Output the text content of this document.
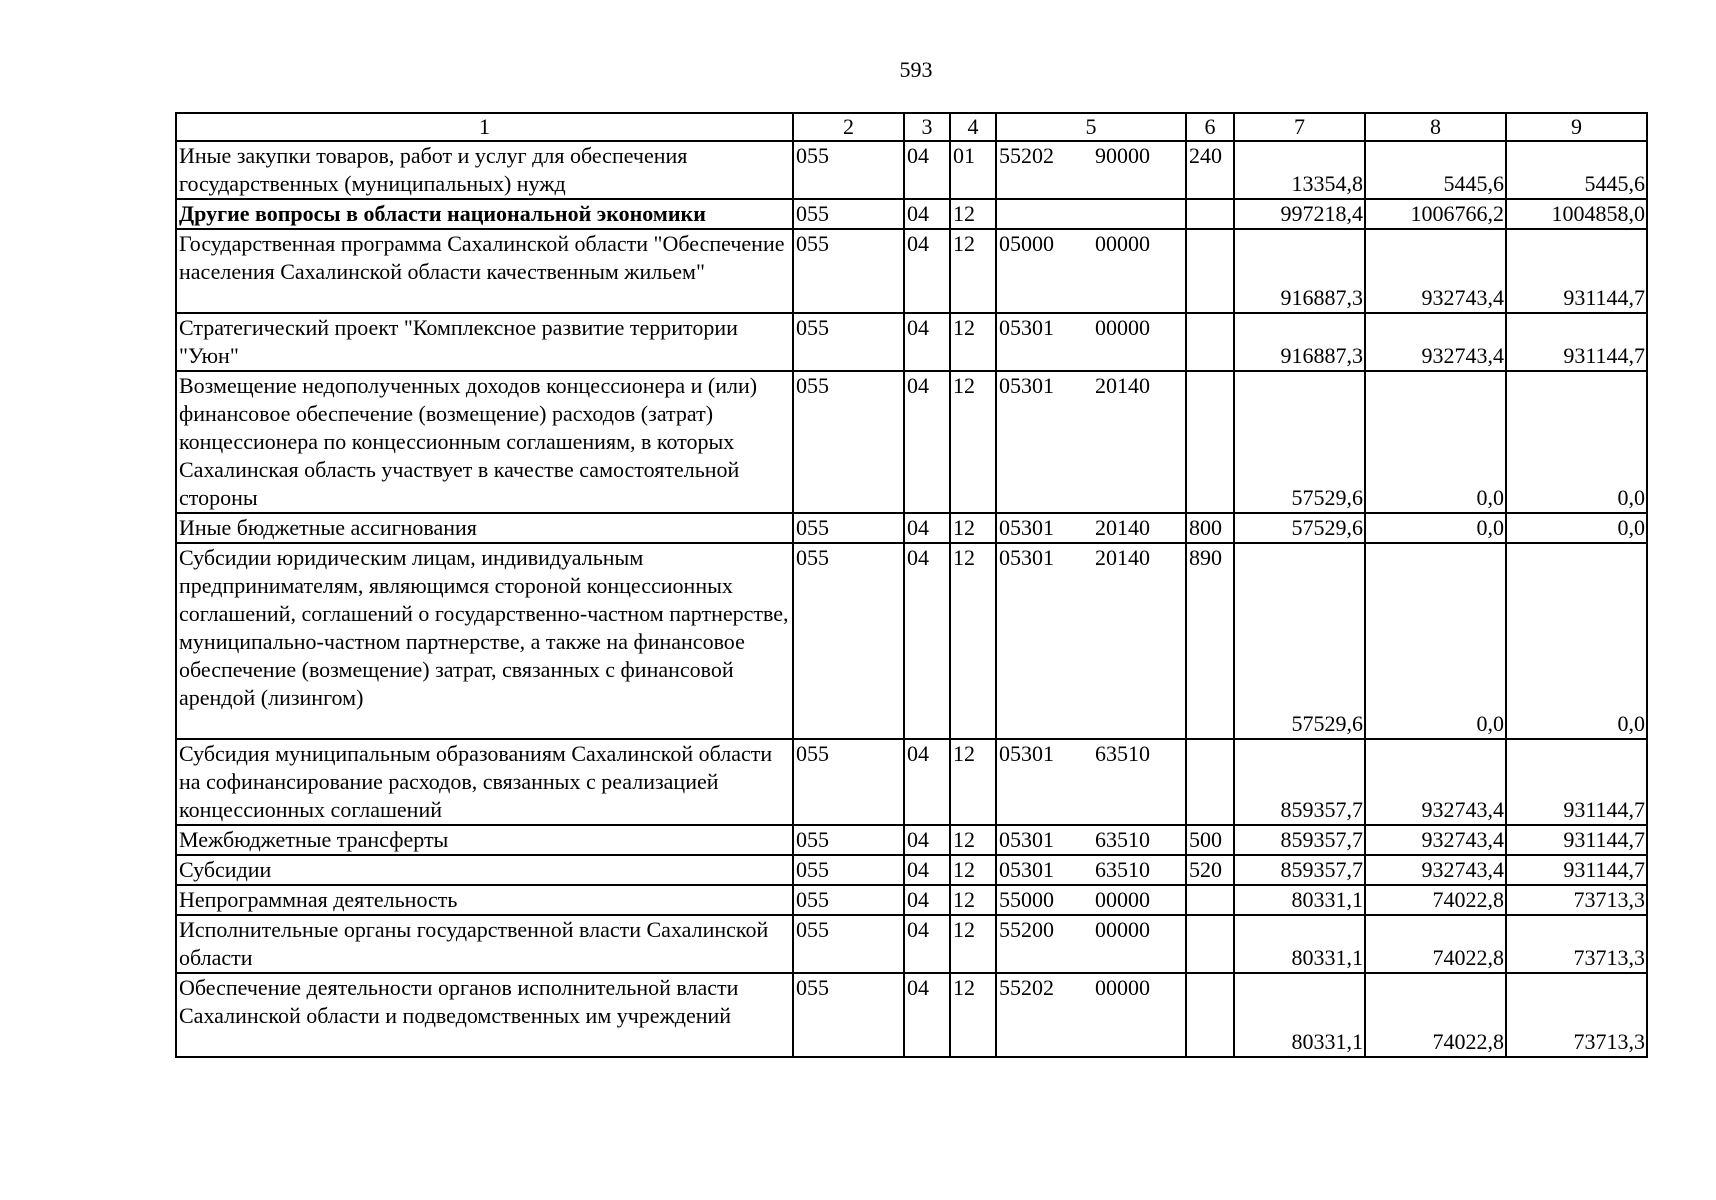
593
1	2	3	4	5	6	7	8	9
Иные закупки товаров, работ и услуг для обеспечения государственных (муниципальных) нужд	055	04	01	55202 90000	240	13354,8	5445,6	5445,6
Другие вопросы в области национальной экономики	055	04	12			997218,4	1006766,2	1004858,0
Государственная программа Сахалинской области "Обеспечение населения Сахалинской области качественным жильем"	055	04	12	05000 00000		916887,3	932743,4	931144,7
Стратегический проект "Комплексное развитие территории "Уюн"	055	04	12	05301 00000		916887,3	932743,4	931144,7
Возмещение недополученных доходов концессионера и (или) финансовое обеспечение (возмещение) расходов (затрат) концессионера по концессионным соглашениям, в которых Сахалинская область участвует в качестве самостоятельной стороны	055	04	12	05301 20140		57529,6	0,0	0,0
Иные бюджетные ассигнования	055	04	12	05301 20140	800	57529,6	0,0	0,0
Субсидии юридическим лицам, индивидуальным предпринимателям, являющимся стороной концессионных соглашений, соглашений о государственно-частном партнерстве, муниципально-частном партнерстве, а также на финансовое обеспечение (возмещение) затрат, связанных с финансовой арендой (лизингом)	055	04	12	05301 20140	890	57529,6	0,0	0,0
Субсидия муниципальным образованиям Сахалинской области на софинансирование расходов, связанных с реализацией концессионных соглашений	055	04	12	05301 63510		859357,7	932743,4	931144,7
Межбюджетные трансферты	055	04	12	05301 63510	500	859357,7	932743,4	931144,7
Субсидии	055	04	12	05301 63510	520	859357,7	932743,4	931144,7
Непрограммная деятельность	055	04	12	55000 00000		80331,1	74022,8	73713,3
Исполнительные органы государственной власти Сахалинской области	055	04	12	55200 00000		80331,1	74022,8	73713,3
Обеспечение деятельности органов исполнительной власти Сахалинской области и подведомственных им учреждений	055	04	12	55202 00000		80331,1	74022,8	73713,3
